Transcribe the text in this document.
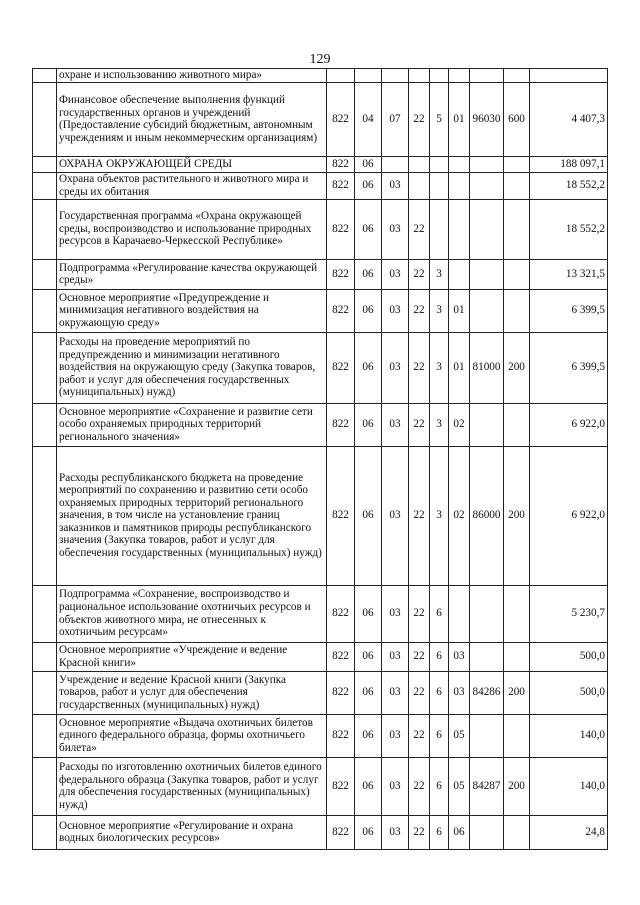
129
	охране и использованию животного мира»									
	Финансовое обеспечение выполнения функций государственных органов и учреждений (Предоставление субсидий бюджетным, автономным учреждениям и иным некоммерческим организациям)	822	04	07	22	5	01	96030	600	4 407,3
	ОХРАНА ОКРУЖАЮЩЕЙ СРЕДЫ	822	06							188 097,1
	Охрана объектов растительного и животного мира и среды их обитания	822	06	03						18 552,2
	Государственная программа «Охрана окружающей среды, воспроизводство и использование природных ресурсов в Карачаево-Черкесской Республике»	822	06	03	22					18 552,2
	Подпрограмма «Регулирование качества окружающей среды»	822	06	03	22	3				13 321,5
	Основное мероприятие «Предупреждение и минимизация негативного воздействия на окружающую среду»	822	06	03	22	3	01			6 399,5
	Расходы на проведение мероприятий по предупреждению и минимизации негативного воздействия на окружающую среду (Закупка товаров, работ и услуг для обеспечения государственных (муниципальных) нужд)	822	06	03	22	3	01	81000	200	6 399,5
	Основное мероприятие «Сохранение и развитие сети особо охраняемых природных территорий регионального значения»	822	06	03	22	3	02			6 922,0
	Расходы республиканского бюджета на проведение мероприятий по сохранению и развитию сети особо охраняемых природных территорий регионального значения, в том числе на установление границ заказников и памятников природы республиканского значения (Закупка товаров, работ и услуг для обеспечения государственных (муниципальных) нужд)	822	06	03	22	3	02	86000	200	6 922,0
	Подпрограмма «Сохранение, воспроизводство и рациональное использование охотничьих ресурсов и объектов животного мира, не отнесенных к охотничьим ресурсам»	822	06	03	22	6				5 230,7
	Основное мероприятие «Учреждение и ведение Красной книги»	822	06	03	22	6	03			500,0
	Учреждение и ведение Красной книги (Закупка товаров, работ и услуг для обеспечения государственных (муниципальных) нужд)	822	06	03	22	6	03	84286	200	500,0
	Основное мероприятие «Выдача охотничьих билетов единого федерального образца, формы охотничьего билета»	822	06	03	22	6	05			140,0
	Расходы по изготовлению охотничьих билетов единого федерального образца (Закупка товаров, работ и услуг для обеспечения государственных (муниципальных) нужд)	822	06	03	22	6	05	84287	200	140,0
	Основное мероприятие «Регулирование и охрана водных биологических ресурсов»	822	06	03	22	6	06			24,8
